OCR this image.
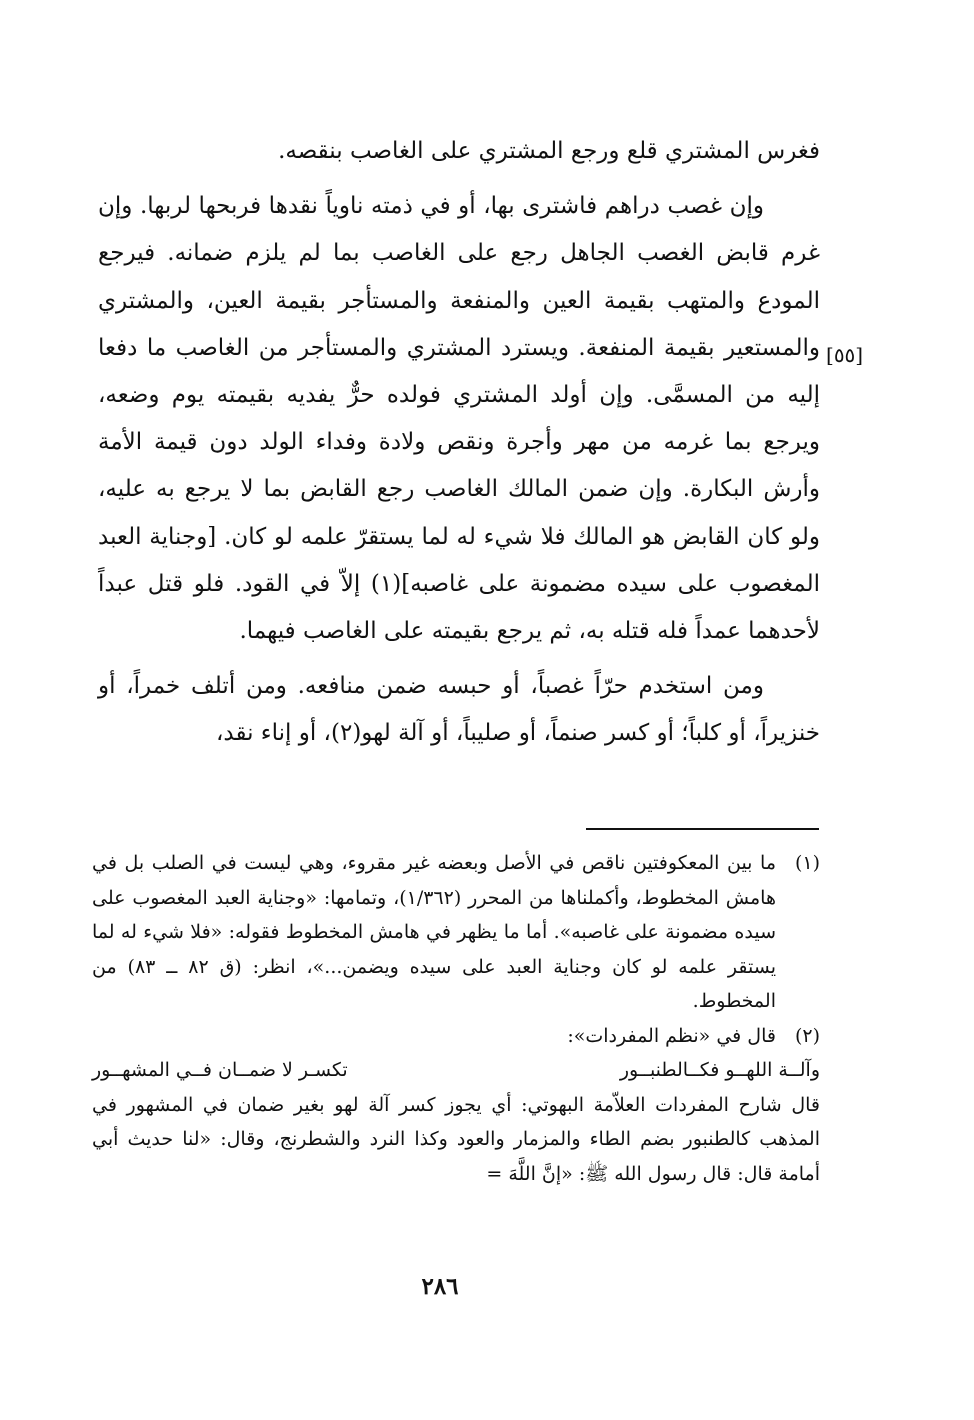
فغرس المشتري قلع ورجع المشتري على الغاصب بنقصه.

وإن غصب دراهم فاشترى بها، أو في ذمته ناوياً نقدها فربحها لربها. وإن غرم قابض الغصب الجاهل رجع على الغاصب بما لم يلزم ضمانه. فيرجع المودع والمتهب بقيمة العين والمنفعة والمستأجر بقيمة العين، والمشتري والمستعير بقيمة المنفعة. ويسترد المشتري والمستأجر من الغاصب ما دفعا إليه من المسمَّى. وإن أولد المشتري فولده حرٌّ يفديه بقيمته يوم وضعه، ويرجع بما غرمه من مهر وأجرة ونقص ولادة وفداء الولد دون قيمة الأمة وأرش البكارة. وإن ضمن المالك الغاصب رجع القابض بما لا يرجع به عليه، ولو كان القابض هو المالك فلا شيء له لما يستقرّ علمه لو كان. [وجناية العبد المغصوب على سيده مضمونة على غاصبه](١) إلاّ في القود. فلو قتل عبداً لأحدهما عمداً فله قتله به، ثم يرجع بقيمته على الغاصب فيهما.

ومن استخدم حرّاً غصباً، أو حبسه ضمن منافعه. ومن أتلف خمراً، أو خنزيراً، أو كلباً؛ أو كسر صنماً، أو صليباً، أو آلة لهو(٢)، أو إناء نقد،

[٥٥]
(١)

ما بين المعكوفتين ناقص في الأصل وبعضه غير مقروء، وهي ليست في الصلب بل في هامش المخطوط، وأكملناها من المحرر (١/٣٦٢)، وتمامها: «وجناية العبد المغصوب على سيده مضمونة على غاصبه». أما ما يظهر في هامش المخطوط فقوله: «فلا شيء له لما يستقر علمه لو كان وجناية العبد على سيده ويضمن...»، انظر: (ق ٨٢ ــ ٨٣) من المخطوط.

(٢)

قال في «نظم المفردات»:

وآلــة اللهــو فكــالطنبــور
تكسـر لا ضمــان فــي المشهــور

قال شارح المفردات العلاّمة البهوتي: أي يجوز كسر آلة لهو بغير ضمان في المشهور في المذهب كالطنبور بضم الطاء والمزمار والعود وكذا النرد والشطرنج، وقال: «لنا حديث أبي أمامة قال: قال رسول الله ﷺ: «إنَّ اللَّهَ =

٢٨٦
